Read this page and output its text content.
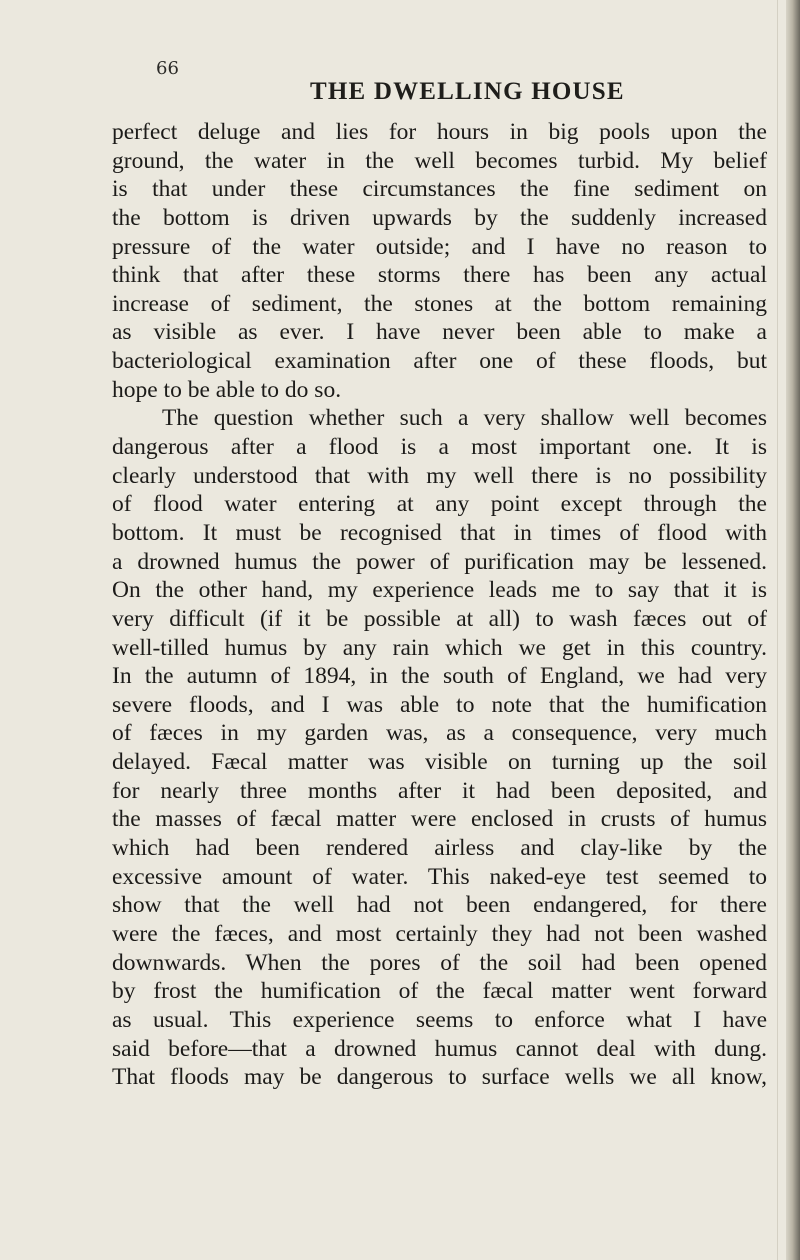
66

THE DWELLING HOUSE
perfect deluge and lies for hours in big pools upon the
ground, the water in the well becomes turbid. My belief
is that under these circumstances the fine sediment on
the bottom is driven upwards by the suddenly increased
pressure of the water outside; and I have no reason to
think that after these storms there has been any actual
increase of sediment, the stones at the bottom remaining
as visible as ever. I have never been able to make a
bacteriological examination after one of these floods, but
hope to be able to do so.
The question whether such a very shallow well becomes
dangerous after a flood is a most important one. It is
clearly understood that with my well there is no possibility
of flood water entering at any point except through the
bottom. It must be recognised that in times of flood with
a drowned humus the power of purification may be lessened.
On the other hand, my experience leads me to say that it is
very difficult (if it be possible at all) to wash fæces out of
well-tilled humus by any rain which we get in this country.
In the autumn of 1894, in the south of England, we had very
severe floods, and I was able to note that the humification
of fæces in my garden was, as a consequence, very much
delayed. Fæcal matter was visible on turning up the soil
for nearly three months after it had been deposited, and
the masses of fæcal matter were enclosed in crusts of humus
which had been rendered airless and clay-like by the
excessive amount of water. This naked-eye test seemed to
show that the well had not been endangered, for there
were the fæces, and most certainly they had not been washed
downwards. When the pores of the soil had been opened
by frost the humification of the fæcal matter went forward
as usual. This experience seems to enforce what I have
said before—that a drowned humus cannot deal with dung.
That floods may be dangerous to surface wells we all know,
